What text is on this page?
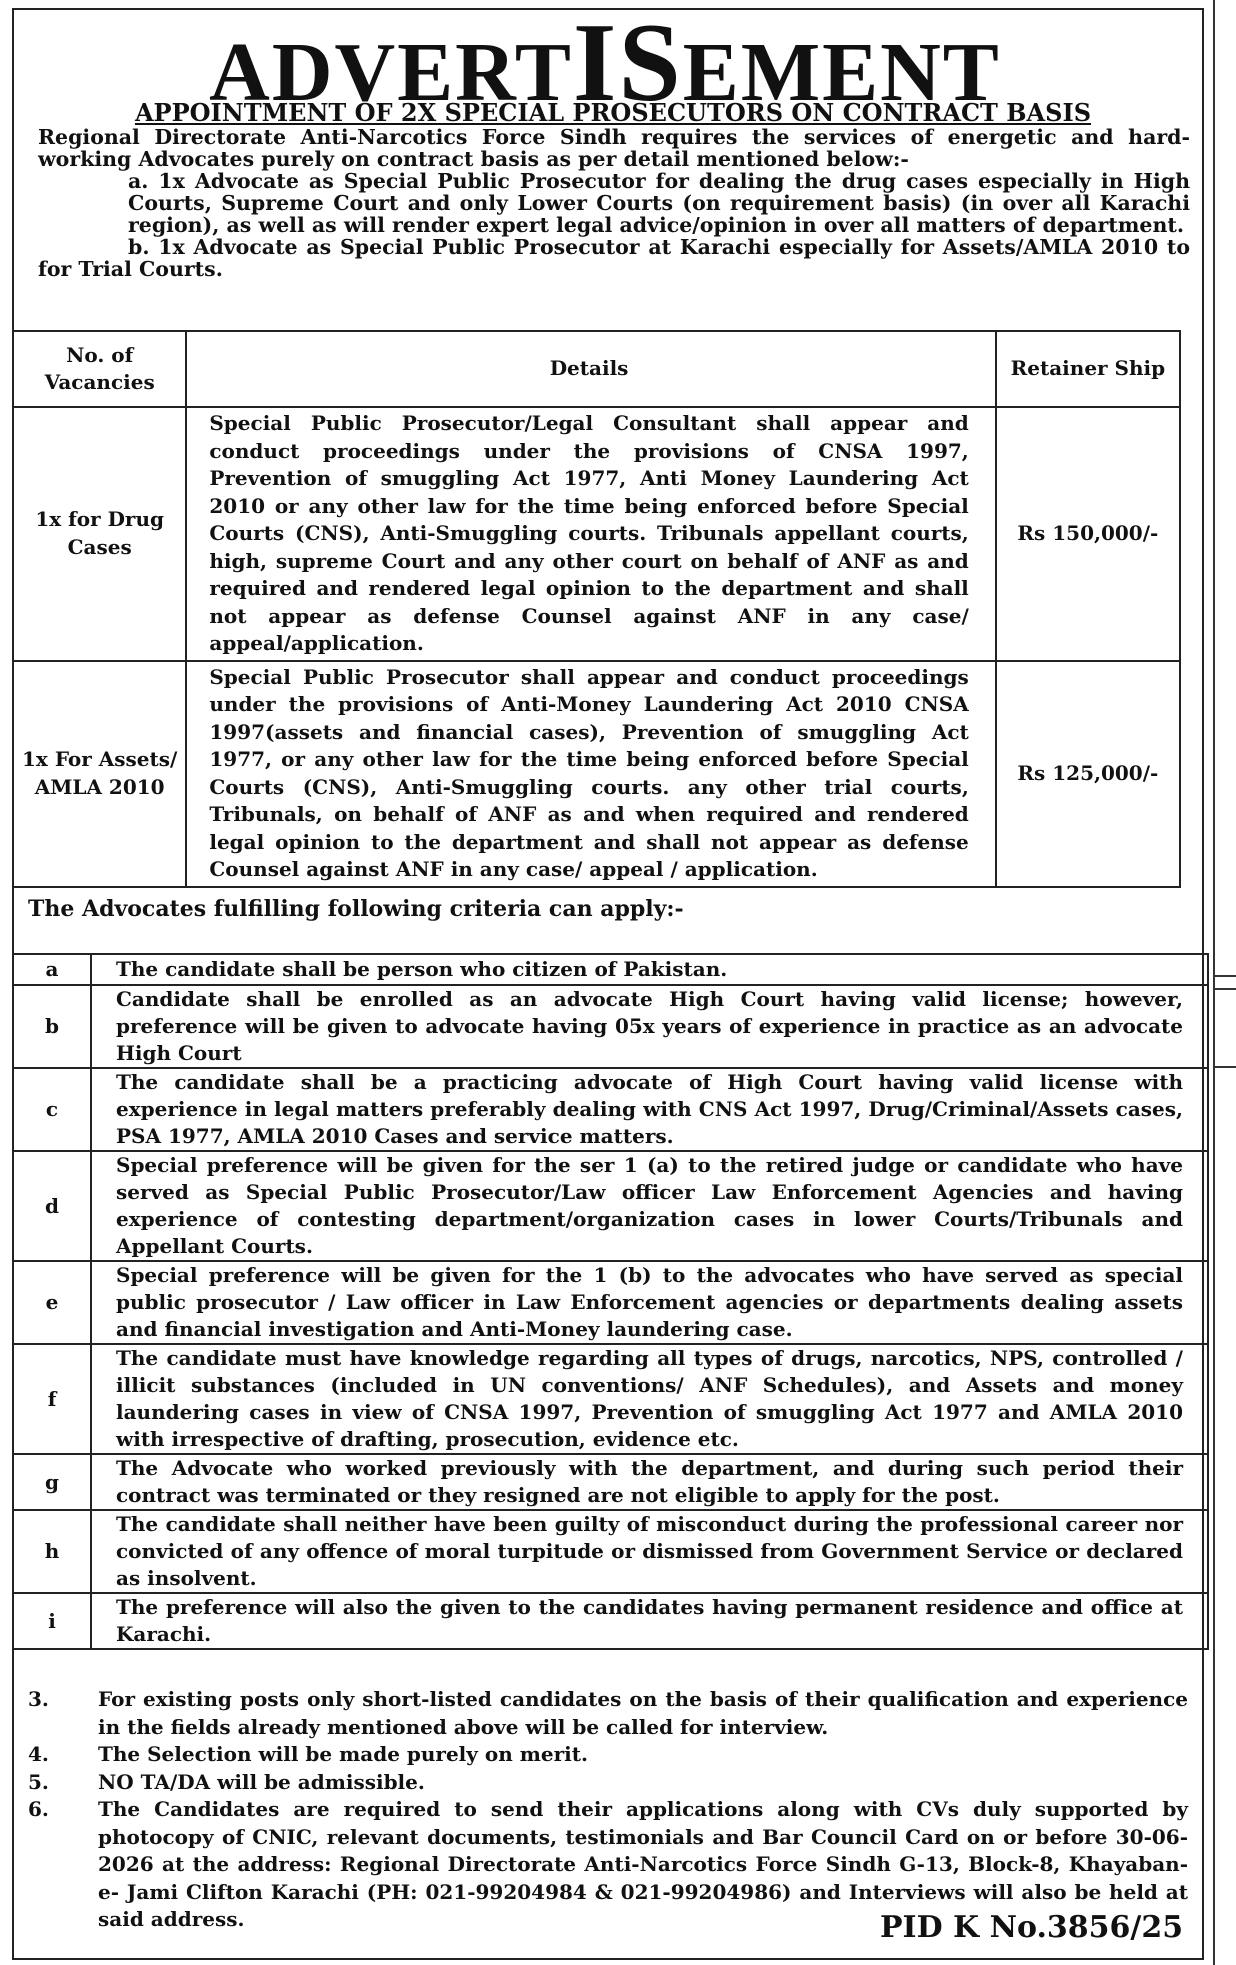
ADVERTISEMENT
APPOINTMENT OF 2X SPECIAL PROSECUTORS ON CONTRACT BASIS

Regional Directorate Anti-Narcotics Force Sindh requires the services of energetic and hard-working Advocates purely on contract basis as per detail mentioned below:-

a. 1x Advocate as Special Public Prosecutor for dealing the drug cases especially in High Courts, Supreme Court and only Lower Courts (on requirement basis) (in over all Karachi region), as well as will render expert legal advice/opinion in over all matters of department.

b. 1x Advocate as Special Public Prosecutor at Karachi especially for Assets/AMLA 2010 to for Trial Courts.

No. of Vacancies	Details	Retainer Ship
1x for Drug Cases	Special Public Prosecutor/Legal Consultant shall appear and conduct proceedings under the provisions of CNSA 1997, Prevention of smuggling Act 1977, Anti Money Laundering Act 2010 or any other law for the time being enforced before Special Courts (CNS), Anti-Smuggling courts. Tribunals appellant courts, high, supreme Court and any other court on behalf of ANF as and required and rendered legal opinion to the department and shall not appear as defense Counsel against ANF in any case/ appeal/application.	Rs 150,000/-
1x For Assets/ AMLA 2010	Special Public Prosecutor shall appear and conduct proceedings under the provisions of Anti-Money Laundering Act 2010 CNSA 1997(assets and financial cases), Prevention of smuggling Act 1977, or any other law for the time being enforced before Special Courts (CNS), Anti-Smuggling courts. any other trial courts, Tribunals, on behalf of ANF as and when required and rendered legal opinion to the department and shall not appear as defense Counsel against ANF in any case/ appeal / application.	Rs 125,000/-
The Advocates fulfilling following criteria can apply:-
a	The candidate shall be person who citizen of Pakistan.
b	Candidate shall be enrolled as an advocate High Court having valid license; however, preference will be given to advocate having 05x years of experience in practice as an advocate High Court
c	The candidate shall be a practicing advocate of High Court having valid license with experience in legal matters preferably dealing with CNS Act 1997, Drug/Criminal/Assets cases, PSA 1977, AMLA 2010 Cases and service matters.
d	Special preference will be given for the ser 1 (a) to the retired judge or candidate who have served as Special Public Prosecutor/Law officer Law Enforcement Agencies and having experience of contesting department/organization cases in lower Courts/Tribunals and Appellant Courts.
e	Special preference will be given for the 1 (b) to the advocates who have served as special public prosecutor / Law officer in Law Enforcement agencies or departments dealing assets and financial investigation and Anti-Money laundering case.
f	The candidate must have knowledge regarding all types of drugs, narcotics, NPS, controlled / illicit substances (included in UN conventions/ ANF Schedules), and Assets and money laundering cases in view of CNSA 1997, Prevention of smuggling Act 1977 and AMLA 2010 with irrespective of drafting, prosecution, evidence etc.
g	The Advocate who worked previously with the department, and during such period their contract was terminated or they resigned are not eligible to apply for the post.
h	The candidate shall neither have been guilty of misconduct during the professional career nor convicted of any offence of moral turpitude or dismissed from Government Service or declared as insolvent.
i	The preference will also the given to the candidates having permanent residence and office at Karachi.
3.	For existing posts only short-listed candidates on the basis of their qualification and experience in the fields already mentioned above will be called for interview.
4.	The Selection will be made purely on merit.
5.	NO TA/DA will be admissible.
6.	The Candidates are required to send their applications along with CVs duly supported by photocopy of CNIC, relevant documents, testimonials and Bar Council Card on or before 30-06-2026 at the address: Regional Directorate Anti-Narcotics Force Sindh G-13, Block-8, Khayaban-e- Jami Clifton Karachi (PH: 021-99204984 & 021-99204986) and Interviews will also be held at said address.	PID K No.3856/25
